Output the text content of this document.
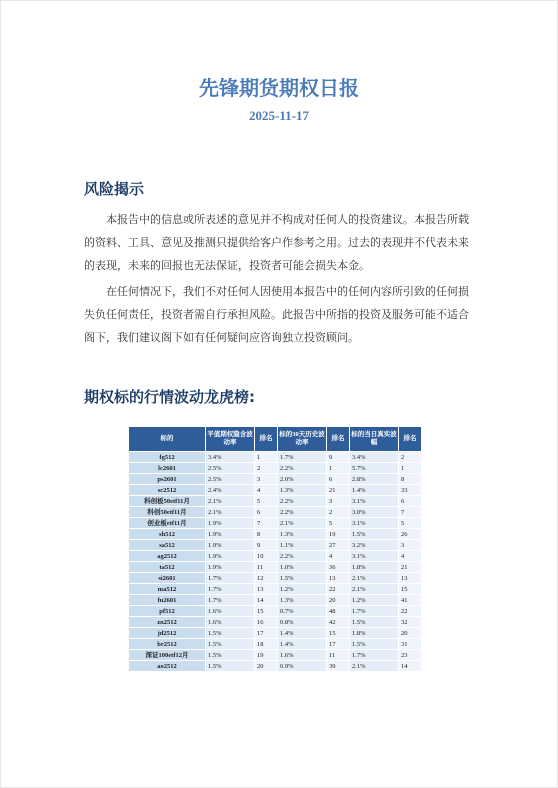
先锋期货期权日报
2025-11-17
风险揭示
本报告中的信息或所表述的意见并不构成对任何人的投资建议。本报告所载的资料、工具、意见及推测只提供给客户作参考之用。过去的表现并不代表未来的表现，未来的回报也无法保证，投资者可能会损失本金。
在任何情况下，我们不对任何人因使用本报告中的任何内容所引致的任何损失负任何责任，投资者需自行承担风险。此报告中所指的投资及服务可能不适合阁下，我们建议阁下如有任何疑问应咨询独立投资顾问。
期权标的行情波动龙虎榜:
标的	平值期权隐含波动率	排名	标的30天历史波动率	排名	标的当日真实波幅	排名
fg512	3.4%	1	1.7%	9	3.4%	2
lc2601	2.5%	2	2.2%	1	5.7%	1
ps2601	2.5%	3	2.0%	6	2.8%	8
sc2512	2.4%	4	1.3%	21	1.4%	33
科创板50etf11月	2.1%	5	2.2%	3	3.1%	6
科创50etf11月	2.1%	6	2.2%	2	3.0%	7
创业板etf11月	1.9%	7	2.1%	5	3.1%	5
sh512	1.9%	8	1.3%	19	1.5%	26
sa512	1.9%	9	1.1%	27	3.2%	3
ag2512	1.9%	10	2.2%	4	3.1%	4
ta512	1.9%	11	1.0%	36	1.8%	21
si2601	1.7%	12	1.5%	13	2.1%	13
ma512	1.7%	13	1.2%	22	2.1%	15
fu2601	1.7%	14	1.3%	20	1.2%	41
pf512	1.6%	15	0.7%	48	1.7%	22
zn2512	1.6%	16	0.8%	42	1.5%	32
jd2512	1.5%	17	1.4%	15	1.8%	20
br2512	1.5%	18	1.4%	17	1.5%	31
深证100etf12月	1.5%	19	1.6%	11	1.7%	23
ao2512	1.5%	20	0.9%	39	2.1%	14
